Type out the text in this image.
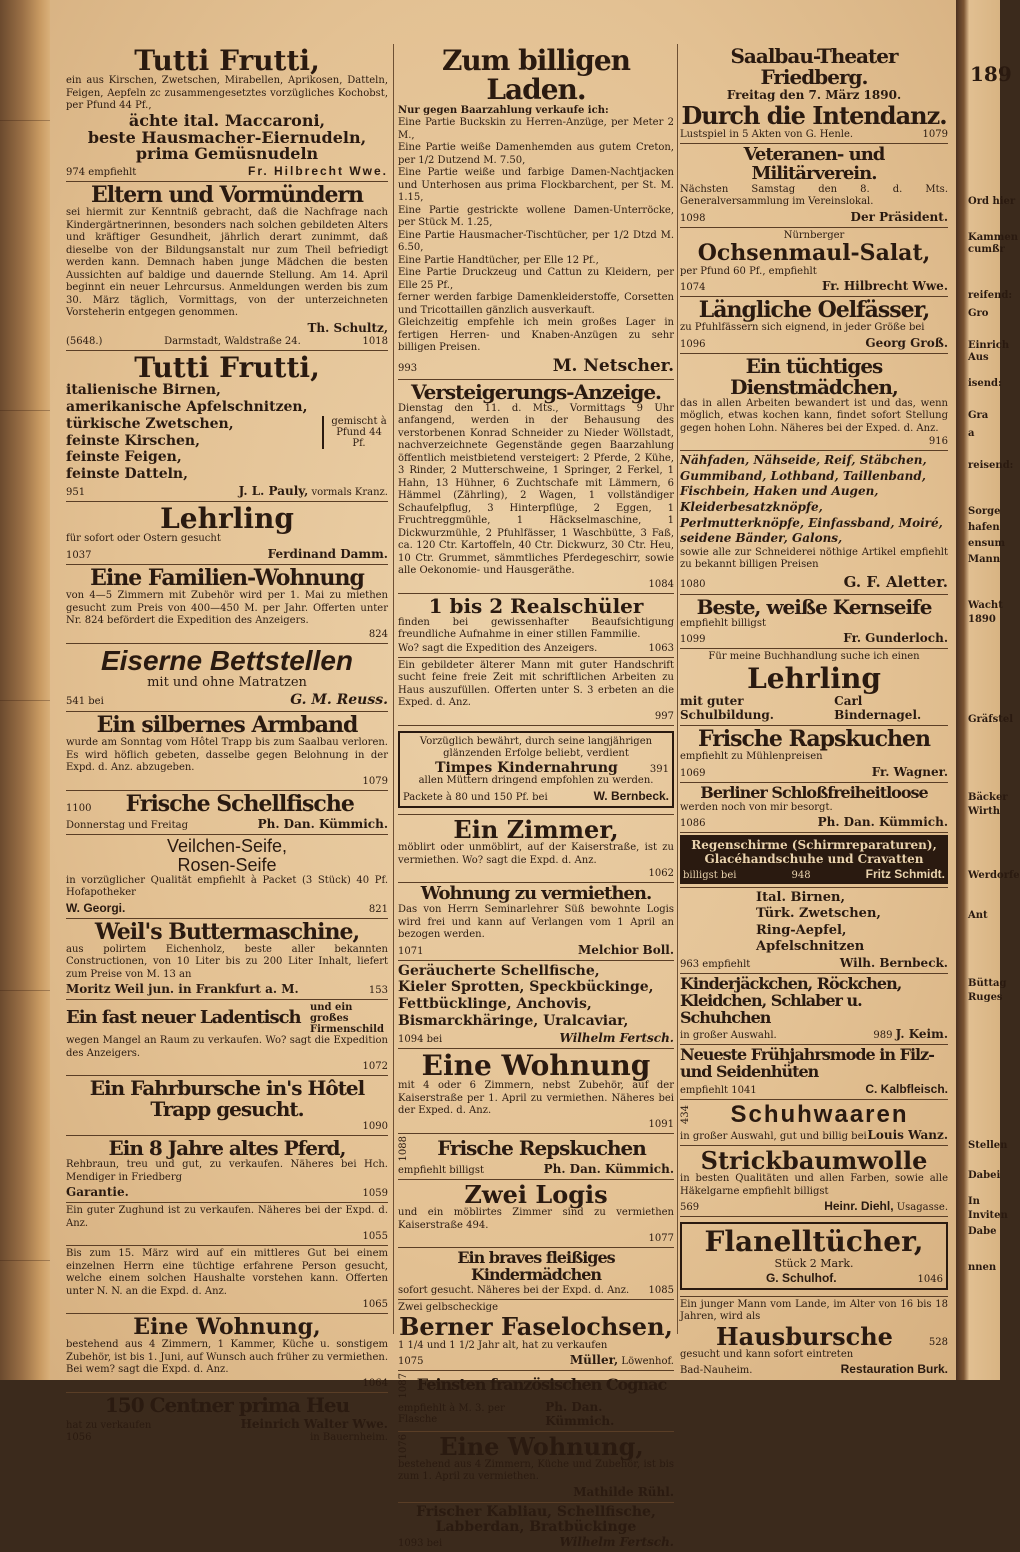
Tutti Frutti,

ein aus Kirschen, Zwetschen, Mirabellen, Aprikosen, Datteln, Feigen, Aepfeln zc zusammengesetztes vorzügliches Kochobst, per Pfund 44 Pf.,

ächte ital. Maccaroni,

beste Hausmacher-Eiernudeln,

prima Gemüsnudeln

974 empfiehlt	Fr. Hilbrecht Wwe.

Eltern und Vormündern

sei hiermit zur Kenntniß gebracht, daß die Nachfrage nach Kindergärtnerinnen, besonders nach solchen gebildeten Alters und kräftiger Gesundheit, jährlich derart zunimmt, daß dieselbe von der Bildungsanstalt nur zum Theil befriedigt werden kann. Demnach haben junge Mädchen die besten Aussichten auf baldige und dauernde Stellung. Am 14. April beginnt ein neuer Lehrcursus. Anmeldungen werden bis zum 30. März täglich, Vormittags, von der unterzeichneten Vorsteherin entgegen genommen.

Th. Schultz,
(5648.)	Darmstadt, Waldstraße 24.	1018

Tutti Frutti,

italienische Birnen,
amerikanische Apfelschnitzen,
türkische Zwetschen,
feinste Kirschen,
feinste Feigen,
feinste Datteln,
gemischt à Pfund 44 Pf.
951	J. L. Pauly, vormals Kranz.

Lehrling

für sofort oder Ostern gesucht

1037	Ferdinand Damm.

Eine Familien-Wohnung

von 4—5 Zimmern mit Zubehör wird per 1. Mai zu miethen gesucht zum Preis von 400—450 M. per Jahr. Offerten unter Nr. 824 befördert die Expedition des Anzeigers.

824

Eiserne Bettstellen

mit und ohne Matratzen

541 bei	G. M. Reuss.

Ein silbernes Armband

wurde am Sonntag vom Hôtel Trapp bis zum Saalbau verloren. Es wird höflich gebeten, dasselbe gegen Belohnung in der Expd. d. Anz. abzugeben.

1079
1100	Frische Schellfische

Donnerstag und Freitag	Ph. Dan. Kümmich.

Veilchen-Seife,

Rosen-Seife

in vorzüglicher Qualität empfiehlt à Packet (3 Stück) 40 Pf. Hofapotheker

W. Georgi.	821

Weil's Buttermaschine,

aus polirtem Eichenholz, beste aller bekannten Constructionen, von 10 Liter bis zu 200 Liter Inhalt, liefert zum Preise von M. 13 an

Moritz Weil jun. in Frankfurt a. M.	153

Ein fast neuer Ladentisch und ein großes Firmenschild

wegen Mangel an Raum zu verkaufen. Wo? sagt die Expedition des Anzeigers.

1072

Ein Fahrbursche in's Hôtel Trapp gesucht.

1090

Ein 8 Jahre altes Pferd,

Rehbraun, treu und gut, zu verkaufen. Näheres bei Hch. Mendiger in Friedberg

Garantie.	1059

Ein guter Zughund ist zu verkaufen. Näheres bei der Expd. d. Anz.

1055

Bis zum 15. März wird auf ein mittleres Gut bei einem einzelnen Herrn eine tüchtige erfahrene Person gesucht, welche einem solchen Haushalte vorstehen kann. Offerten unter N. N. an die Expd. d. Anz.

1065

Eine Wohnung,

bestehend aus 4 Zimmern, 1 Kammer, Küche u. sonstigem Zubehör, ist bis 1. Juni, auf Wunsch auch früher zu vermiethen. Bei wem? sagt die Expd. d. Anz.

1064

150 Centner prima Heu

hat zu verkaufen	Heinrich Walter Wwe.
1056	in Bauernheim.

Zum billigen Laden.

Nur gegen Baarzahlung verkaufe ich:

Eine Partie Buckskin zu Herren-Anzüge, per Meter 2 M.,

Eine Partie weiße Damenhemden aus gutem Creton, per 1/2 Dutzend M. 7.50,

Eine Partie weiße und farbige Damen-Nachtjacken und Unterhosen aus prima Flockbarchent, per St. M. 1.15,

Eine Partie gestrickte wollene Damen-Unterröcke, per Stück M. 1.25,

Eine Partie Hausmacher-Tischtücher, per 1/2 Dtzd M. 6.50,

Eine Partie Handtücher, per Elle 12 Pf.,

Eine Partie Druckzeug und Cattun zu Kleidern, per Elle 25 Pf.,

ferner werden farbige Damenkleiderstoffe, Corsetten und Tricottaillen gänzlich ausverkauft.

Gleichzeitig empfehle ich mein großes Lager in fertigen Herren- und Knaben-Anzügen zu sehr billigen Preisen.

993	M. Netscher.

Versteigerungs-Anzeige.

Dienstag den 11. d. Mts., Vormittags 9 Uhr anfangend, werden in der Behausung des verstorbenen Konrad Schneider zu Nieder Wöllstadt, nachverzeichnete Gegenstände gegen Baarzahlung öffentlich meistbietend versteigert: 2 Pferde, 2 Kühe, 3 Rinder, 2 Mutterschweine, 1 Springer, 2 Ferkel, 1 Hahn, 13 Hühner, 6 Zuchtschafe mit Lämmern, 6 Hämmel (Zährling), 2 Wagen, 1 vollständiger Schaufelpflug, 3 Hinterpflüge, 2 Eggen, 1 Fruchtreggmühle, 1 Häckselmaschine, 1 Dickwurzmühle, 2 Pfuhlfässer, 1 Waschbütte, 3 Faß, ca. 120 Ctr. Kartoffeln, 40 Ctr. Dickwurz, 30 Ctr. Heu, 10 Ctr. Grummet, sämmtliches Pferdegeschirr, sowie alle Oekonomie- und Hausgeräthe.

1084

1 bis 2 Realschüler

finden bei gewissenhafter Beaufsichtigung freundliche Aufnahme in einer stillen Fammilie.

Wo? sagt die Expedition des Anzeigers.	1063

Ein gebildeter älterer Mann mit guter Handschrift sucht feine freie Zeit mit schriftlichen Arbeiten zu Haus auszufüllen. Offerten unter S. 3 erbeten an die Exped. d. Anz.

997

Vorzüglich bewährt, durch seine langjährigen glänzenden Erfolge beliebt, verdient

Timpes Kindernahrung	391

allen Müttern dringend empfohlen zu werden.

Packete à 80 und 150 Pf. bei	W. Bernbeck.

Ein Zimmer,

möblirt oder unmöblirt, auf der Kaiserstraße, ist zu vermiethen. Wo? sagt die Expd. d. Anz.

1062

Wohnung zu vermiethen.

Das von Herrn Seminarlehrer Süß bewohnte Logis wird frei und kann auf Verlangen vom 1 April an bezogen werden.

1071	Melchior Boll.
Geräucherte Schellfische,
Kieler Sprotten, Speckbückinge,
Fettbücklinge, Anchovis,
Bismarckhäringe, Uralcaviar,
1094 bei	Wilhelm Fertsch.

Eine Wohnung

mit 4 oder 6 Zimmern, nebst Zubehör, auf der Kaiserstraße per 1. April zu vermiethen. Näheres bei der Exped. d. Anz.

1091
1088	Frische Repskuchen

empfiehlt billigst	Ph. Dan. Kümmich.

Zwei Logis

und ein möblirtes Zimmer sind zu vermiethen Kaiserstraße 494.

1077

Ein braves fleißiges Kindermädchen

sofort gesucht. Näheres bei der Expd. d. Anz. 1085

Zwei gelbscheckige

Berner Faselochsen,

1 1/4 und 1 1/2 Jahr alt, hat zu verkaufen

1075	Müller, Löwenhof.
1087 Feinsten französischen Cognac

empfiehlt à M. 3. per Flasche
Ph. Dan. Kümmich.
1076	Eine Wohnung,

bestehend aus 4 Zimmern, Küche und Zubehör, ist bis zum 1. April zu vermiethen.

Mathilde Rühl.

Frischer Kabliau, Schellfische,

Labberdan, Bratbückinge

1093 bei	Wilhelm Fertsch.

Saalbau-Theater Friedberg.

Freitag den 7. März 1890.

Durch die Intendanz.

Lustspiel in 5 Akten von G. Henle.	1079

Veteranen- und Militärverein.

Nächsten Samstag den 8. d. Mts. Generalversammlung im Vereinslokal.

1098	Der Präsident.

Nürnberger

Ochsenmaul-Salat,

per Pfund 60 Pf., empfiehlt

1074	Fr. Hilbrecht Wwe.

Längliche Oelfässer,

zu Pfuhlfässern sich eignend, in jeder Größe bei

1096	Georg Groß.

Ein tüchtiges Dienstmädchen,

das in allen Arbeiten bewandert ist und das, wenn möglich, etwas kochen kann, findet sofort Stellung gegen hohen Lohn. Näheres bei der Exped. d. Anz.

916

Nähfaden, Nähseide, Reif, Stäbchen, Gummiband, Lothband, Taillenband, Fischbein, Haken und Augen, Kleiderbesatzknöpfe, Perlmutterknöpfe, Einfassband, Moiré, seidene Bänder, Galons,

sowie alle zur Schneiderei nöthige Artikel empfiehlt zu bekannt billigen Preisen

1080	G. F. Aletter.

Beste, weiße Kernseife

empfiehlt billigst

1099	Fr. Gunderloch.

Für meine Buchhandlung suche ich einen

Lehrling

mit guter Schulbildung.
Carl Bindernagel.

Frische Rapskuchen

empfiehlt zu Mühlenpreisen

1069	Fr. Wagner.

Berliner Schloßfreiheitloose

werden noch von mir besorgt.

1086	Ph. Dan. Kümmich.
Regenschirme (Schirmreparaturen),
Glacéhandschuhe und Cravatten
billigst bei	948	Fritz Schmidt.
Ital. Birnen,
Türk. Zwetschen,
Ring-Aepfel,
Apfelschnitzen
963 empfiehlt	Wilh. Bernbeck.

Kinderjäckchen, Röckchen, Kleidchen, Schlaber u. Schuhchen

in großer Auswahl.	989 J. Keim.

Neueste Frühjahrsmode in Filz- und Seidenhüten

empfiehlt 1041	C. Kalbfleisch.
434	Schuhwaaren

in großer Auswahl, gut und billig bei Louis Wanz.

Strickbaumwolle

in besten Qualitäten und allen Farben, sowie alle Häkelgarne empfiehlt billigst

569	Heinr. Diehl, Usagasse.

Flanelltücher,

Stück 2 Mark.

G. Schulhof.	1046

Ein junger Mann vom Lande, im Alter von 16 bis 18 Jahren, wird als

Hausbursche	528

gesucht und kann sofort eintreten

Bad-Nauheim.	Restauration Burk.
189
Ord hier
Kammen
cumßr
reifend:
Gro
Einrich
Aus
isend:
Gra
a
reisend:
Sorge
hafen
ensum
Mann
Wacht
1890
Gräfstel
Bäcker
Wirth
Werdorfe
Ant
Büttag
Ruges
Stellen
Dabei
In
Inviten
Dabe
nnen
